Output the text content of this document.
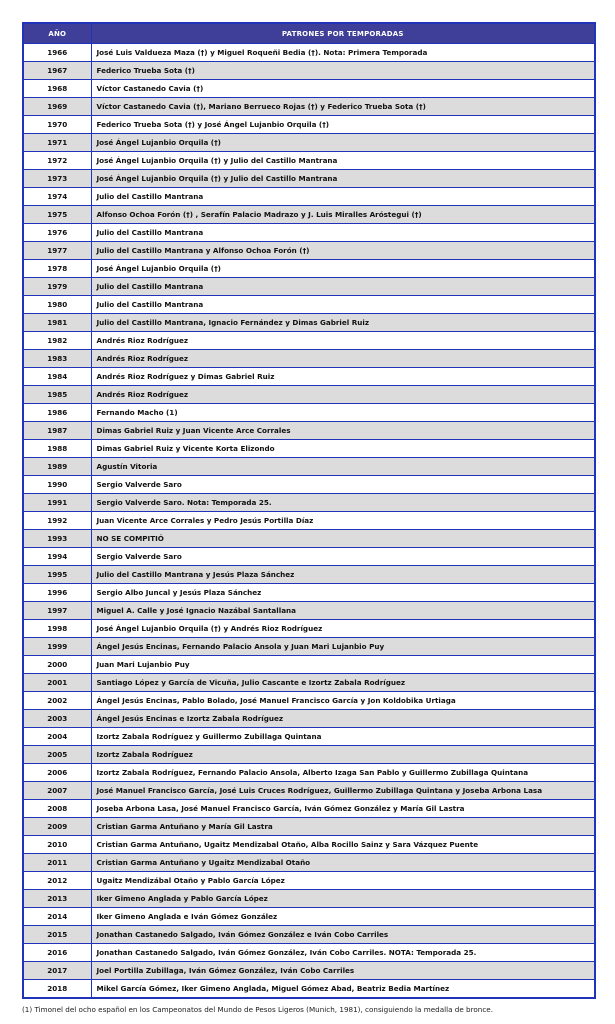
AÑO	PATRONES POR TEMPORADAS
1966	José Luis Valdueza Maza (†) y Miguel Roqueñi Bedia (†). Nota: Primera Temporada
1967	Federico Trueba Sota (†)
1968	Víctor Castanedo Cavia (†)
1969	Víctor Castanedo Cavia (†), Mariano Berrueco Rojas (†) y Federico Trueba Sota (†)
1970	Federico Trueba Sota (†) y José Ángel Lujanbio Orquila (†)
1971	José Ángel Lujanbio Orquila (†)
1972	José Ángel Lujanbio Orquila (†) y Julio del Castillo Mantrana
1973	José Ángel Lujanbio Orquila (†) y Julio del Castillo Mantrana
1974	Julio del Castillo Mantrana
1975	Alfonso Ochoa Forón (†) , Serafín Palacio Madrazo y J. Luis Miralles Aróstegui (†)
1976	Julio del Castillo Mantrana
1977	Julio del Castillo Mantrana y Alfonso Ochoa Forón (†)
1978	José Ángel Lujanbio Orquila (†)
1979	Julio del Castillo Mantrana
1980	Julio del Castillo Mantrana
1981	Julio del Castillo Mantrana, Ignacio Fernández y Dimas Gabriel Ruiz
1982	Andrés Rioz Rodríguez
1983	Andrés Rioz Rodríguez
1984	Andrés Rioz Rodríguez y Dimas Gabriel Ruiz
1985	Andrés Rioz Rodríguez
1986	Fernando Macho (1)
1987	Dimas Gabriel Ruiz y Juan Vicente Arce Corrales
1988	Dimas Gabriel Ruiz y Vicente Korta Elizondo
1989	Agustín Vitoria
1990	Sergio Valverde Saro
1991	Sergio Valverde Saro. Nota: Temporada 25.
1992	Juan Vicente Arce Corrales y Pedro Jesús Portilla Díaz
1993	NO SE COMPITIÓ
1994	Sergio Valverde Saro
1995	Julio del Castillo Mantrana y Jesús Plaza Sánchez
1996	Sergio Albo Juncal y Jesús Plaza Sánchez
1997	Miguel A. Calle y José Ignacio Nazábal Santallana
1998	José Ángel Lujanbio Orquila (†) y Andrés Rioz Rodríguez
1999	Ángel Jesús Encinas, Fernando Palacio Ansola y Juan Mari Lujanbio Puy
2000	Juan Mari Lujanbio Puy
2001	Santiago López y García de Vicuña, Julio Cascante e Izortz Zabala Rodríguez
2002	Ángel Jesús Encinas, Pablo Bolado, José Manuel Francisco García y Jon Koldobika Urtiaga
2003	Ángel Jesús Encinas e Izortz Zabala Rodríguez
2004	Izortz Zabala Rodríguez y Guillermo Zubillaga Quintana
2005	Izortz Zabala Rodríguez
2006	Izortz Zabala Rodríguez, Fernando Palacio Ansola, Alberto Izaga San Pablo y Guillermo Zubillaga Quintana
2007	José Manuel Francisco García, José Luis Cruces Rodríguez, Guillermo Zubillaga Quintana y Joseba Arbona Lasa
2008	Joseba Arbona Lasa, José Manuel Francisco García, Iván Gómez González y María Gil Lastra
2009	Cristian Garma Antuñano y María Gil Lastra
2010	Cristian Garma Antuñano, Ugaitz Mendizabal Otaño, Alba Rocillo Sainz y Sara Vázquez Puente
2011	Cristian Garma Antuñano y Ugaitz Mendizabal Otaño
2012	Ugaitz Mendizábal Otaño y Pablo García López
2013	Iker Gimeno Anglada y Pablo García López
2014	Iker Gimeno Anglada e Iván Gómez González
2015	Jonathan Castanedo Salgado, Iván Gómez González e Iván Cobo Carriles
2016	Jonathan Castanedo Salgado, Iván Gómez González, Iván Cobo Carriles. NOTA: Temporada 25.
2017	Joel Portilla Zubillaga, Iván Gómez González, Iván Cobo Carriles
2018	Mikel García Gómez, Iker Gimeno Anglada, Miguel Gómez Abad, Beatriz Bedia Martínez
(1) Timonel del ocho español en los Campeonatos del Mundo de Pesos Ligeros (Munich, 1981), consiguiendo la medalla de bronce.
